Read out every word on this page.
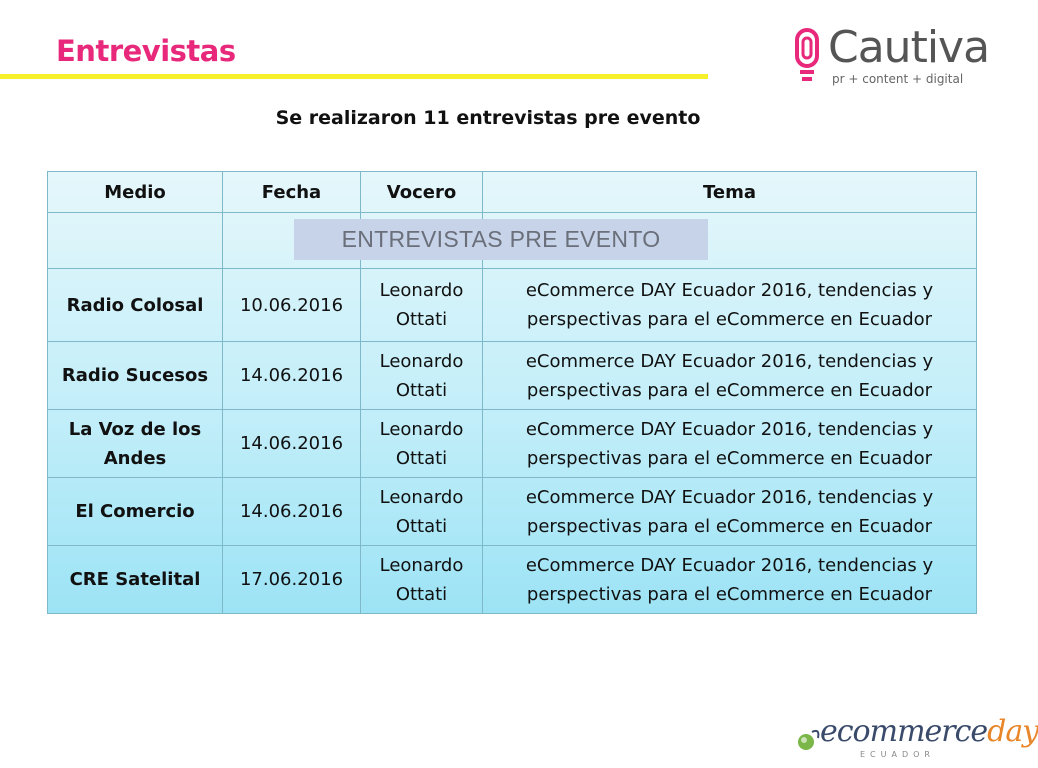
Entrevistas	Cautiva
pr + content + digital
Se realizaron 11 entrevistas pre evento
Medio	Fecha	Vocero	Tema

Radio Colosal	10.06.2016	Leonardo Ottati	eCommerce DAY Ecuador 2016, tendencias y perspectivas para el eCommerce en Ecuador
Radio Sucesos	14.06.2016	Leonardo Ottati	eCommerce DAY Ecuador 2016, tendencias y perspectivas para el eCommerce en Ecuador
La Voz de los Andes	14.06.2016	Leonardo Ottati	eCommerce DAY Ecuador 2016, tendencias y perspectivas para el eCommerce en Ecuador
El Comercio	14.06.2016	Leonardo Ottati	eCommerce DAY Ecuador 2016, tendencias y perspectivas para el eCommerce en Ecuador
CRE Satelital	17.06.2016	Leonardo Ottati	eCommerce DAY Ecuador 2016, tendencias y perspectivas para el eCommerce en Ecuador
ENTREVISTAS PRE EVENTO
ecommerceday
ECUADOR
